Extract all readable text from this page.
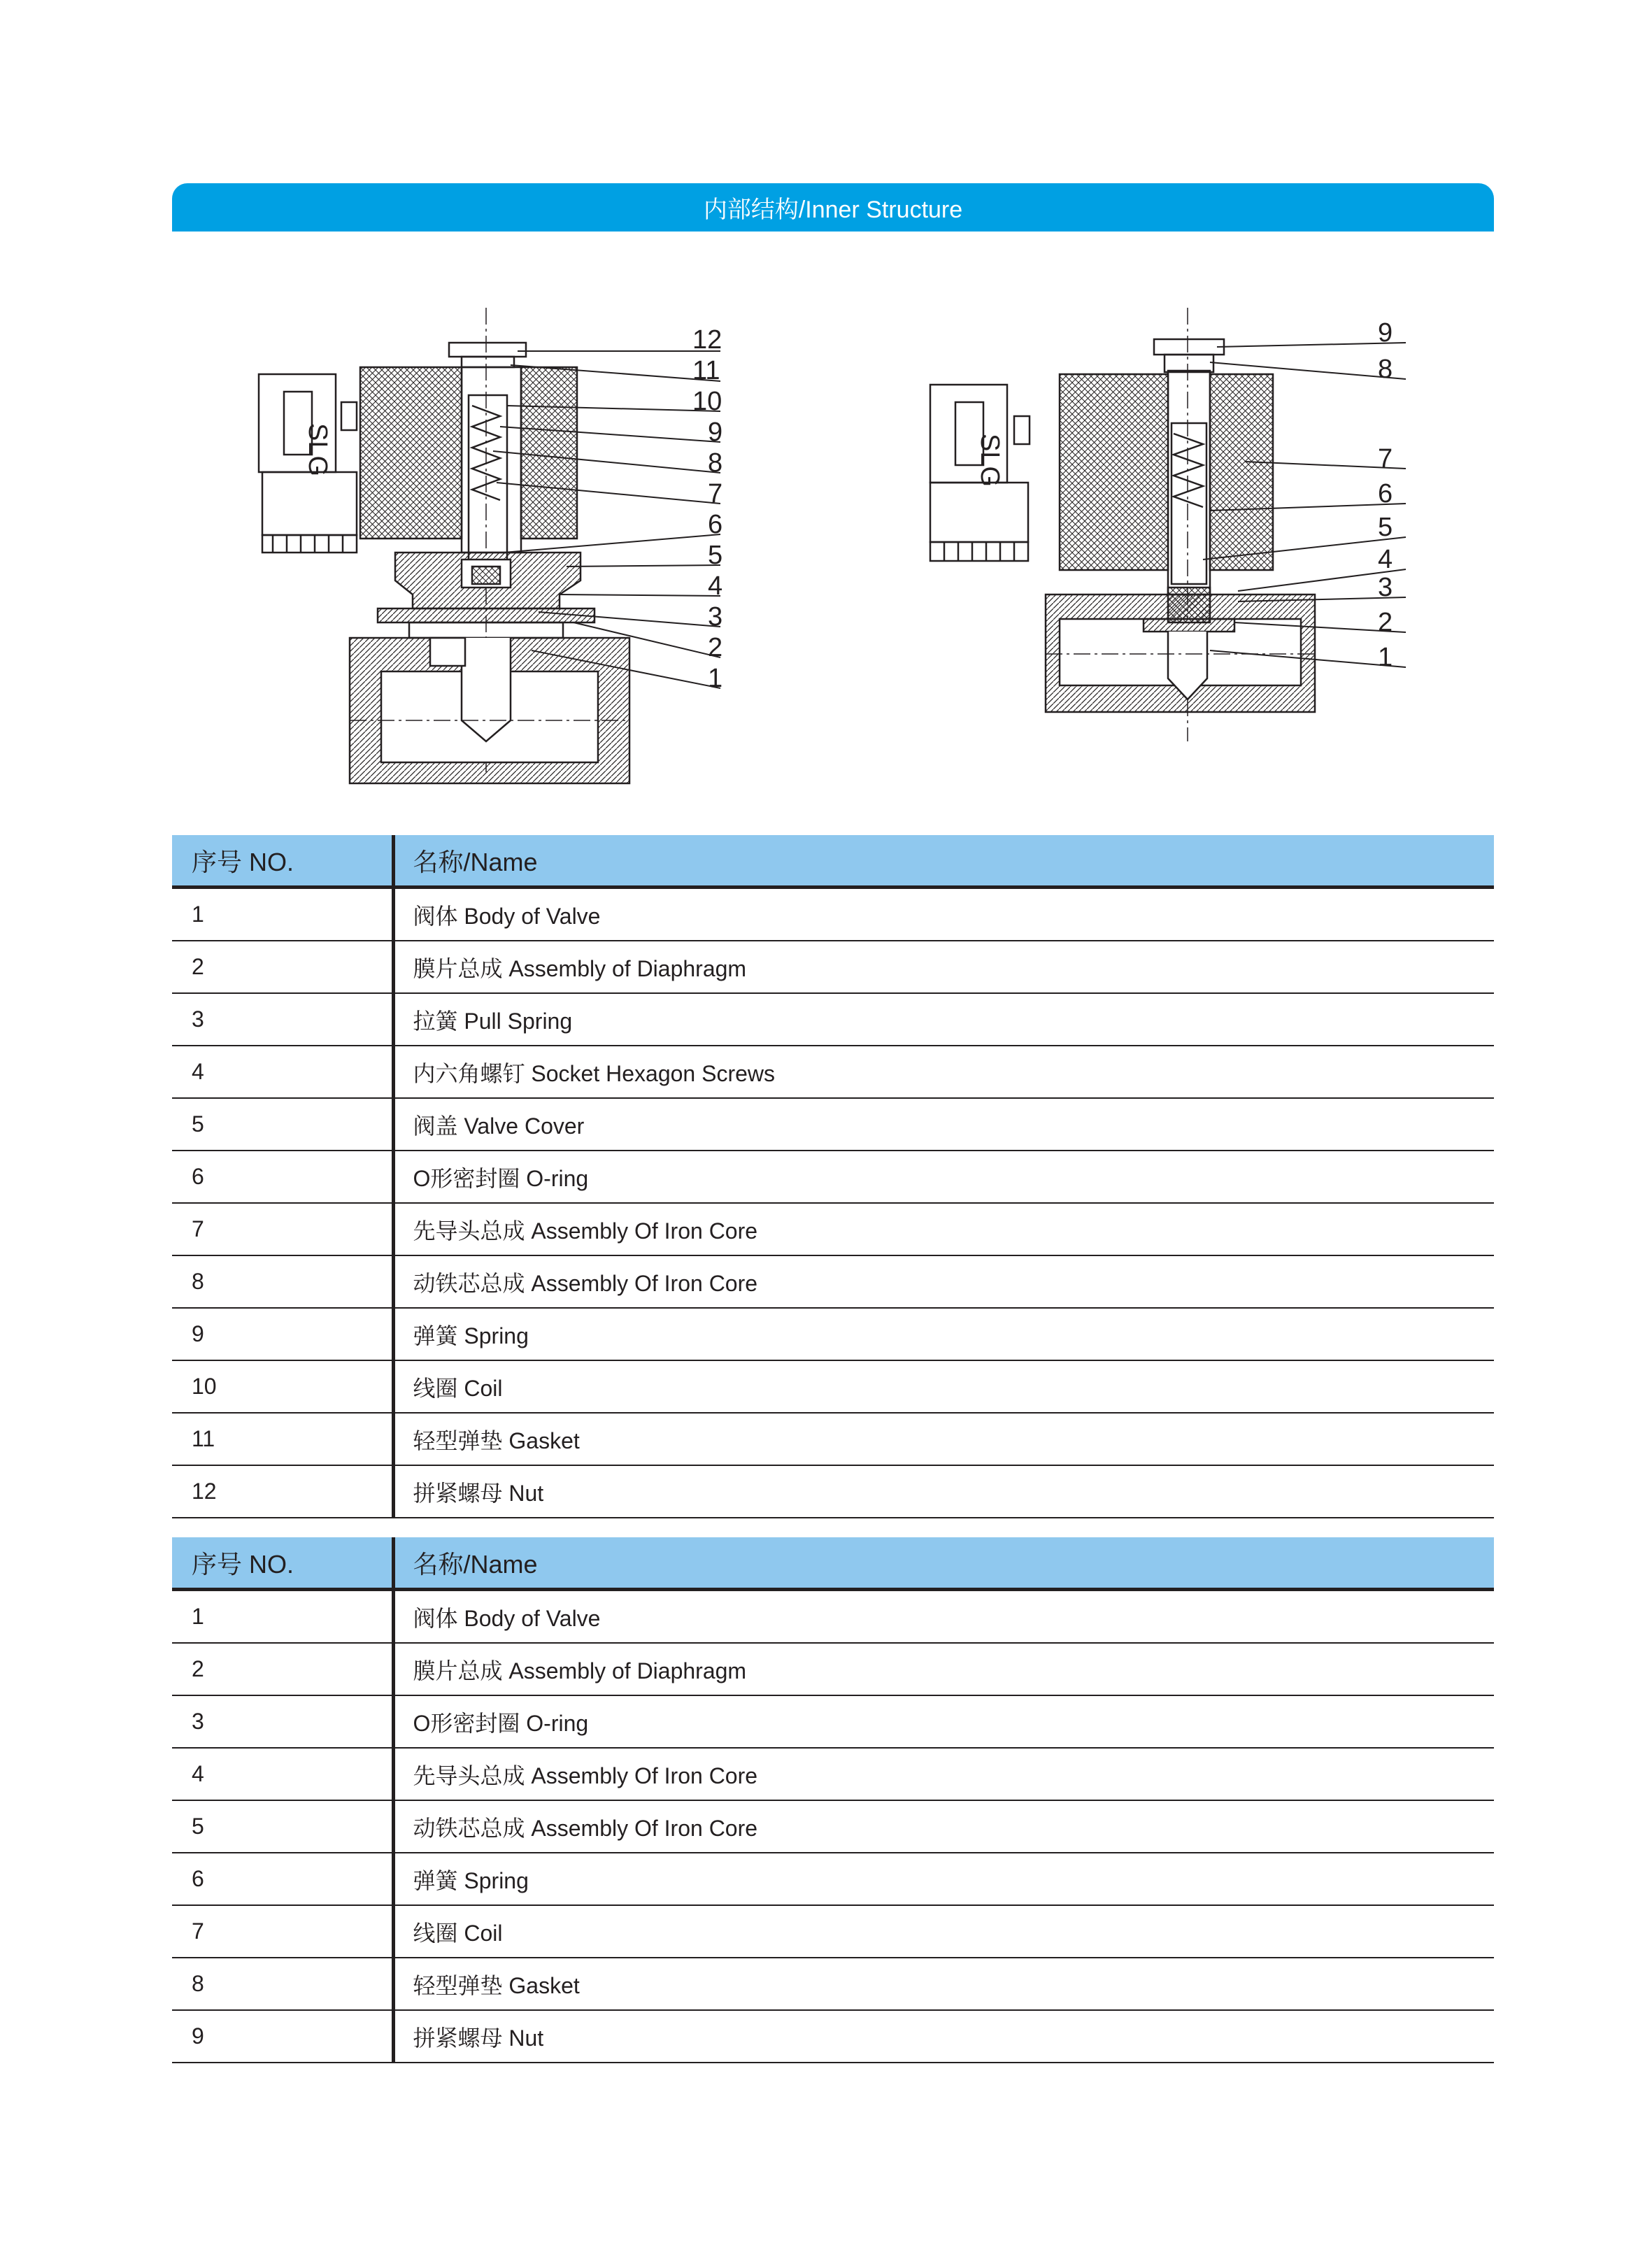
内部结构/Inner Structure
SLG
12
11
10
9
8
7
6
5
4
3
2
1
SLG
9
8
7
6
5
4
3
2
1
序号 NO.	名称/Name
1	阀体 Body of Valve
2	膜片总成 Assembly of Diaphragm
3	拉簧 Pull Spring
4	内六角螺钉 Socket Hexagon Screws
5	阀盖 Valve Cover
6	O形密封圈 O-ring
7	先导头总成 Assembly Of Iron Core
8	动铁芯总成 Assembly Of Iron Core
9	弹簧 Spring
10	线圈 Coil
11	轻型弹垫 Gasket
12	拼紧螺母 Nut
序号 NO.	名称/Name
1	阀体 Body of Valve
2	膜片总成 Assembly of Diaphragm
3	O形密封圈 O-ring
4	先导头总成 Assembly Of Iron Core
5	动铁芯总成 Assembly Of Iron Core
6	弹簧 Spring
7	线圈 Coil
8	轻型弹垫 Gasket
9	拼紧螺母 Nut
